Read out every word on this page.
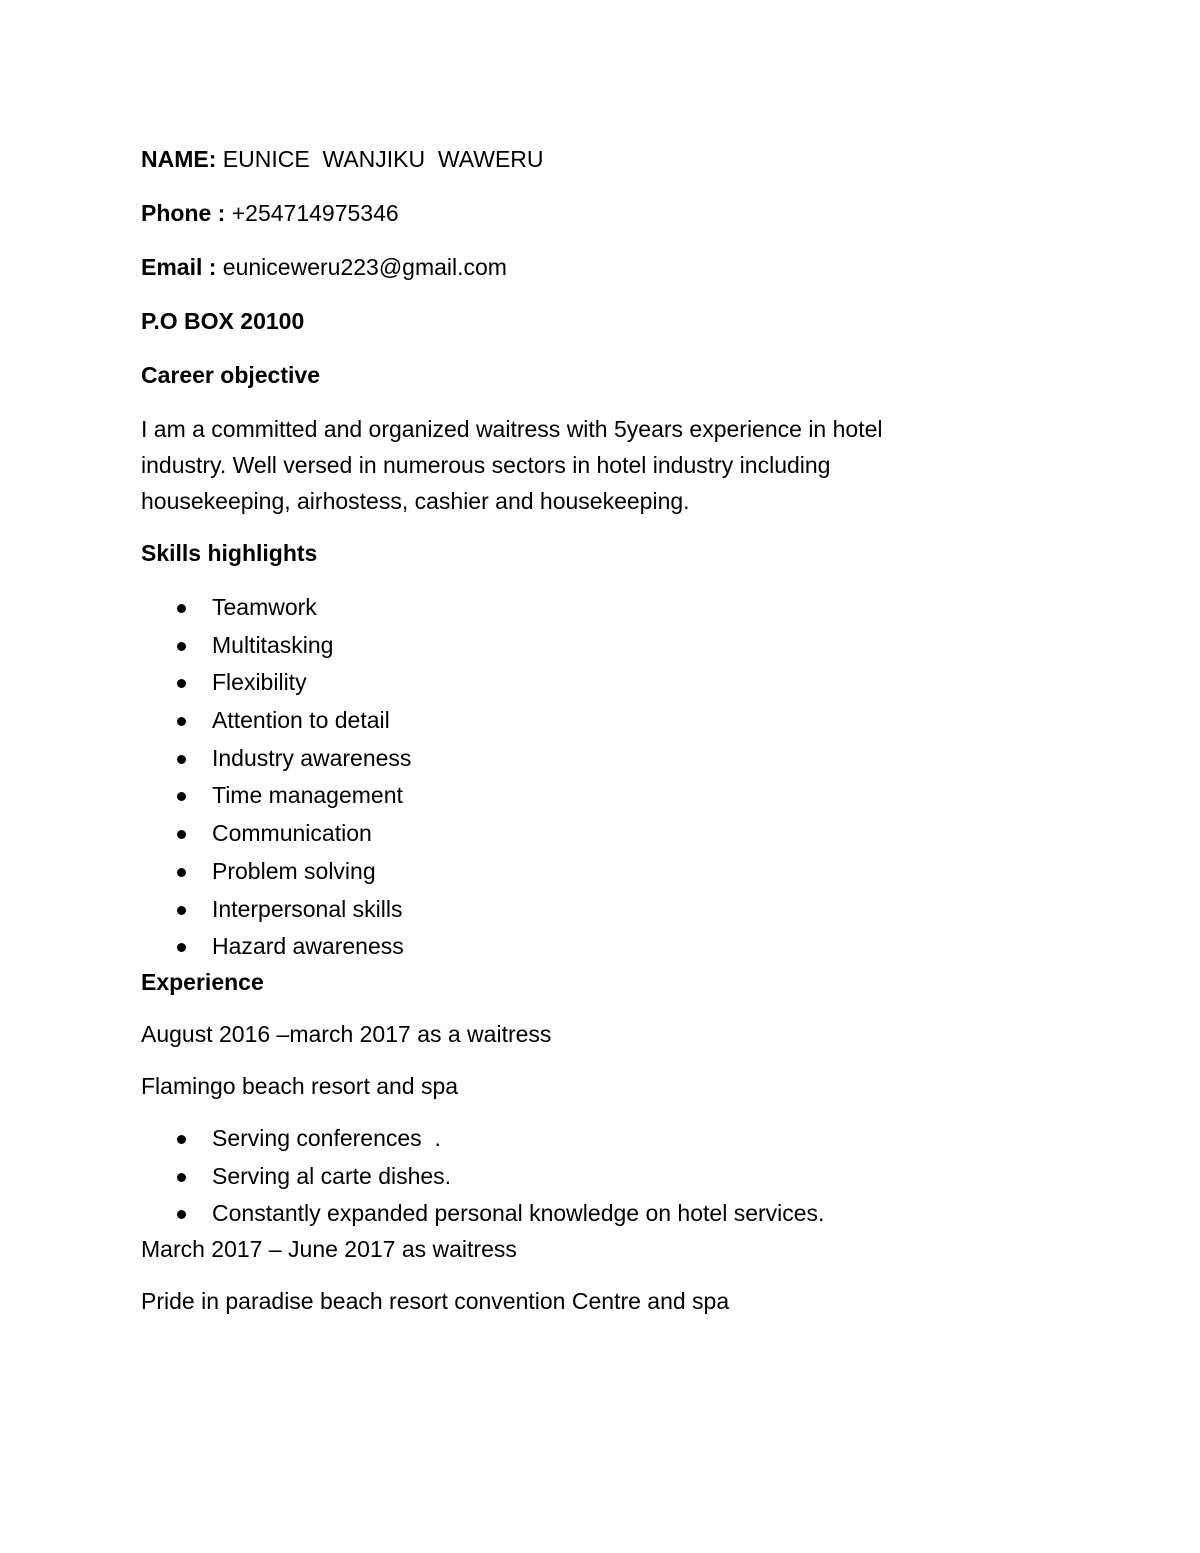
NAME: EUNICE  WANJIKU  WAWERU

Phone : +254714975346

Email : euniceweru223@gmail.com

P.O BOX 20100

Career objective

I am a committed and organized waitress with 5years experience in hotel industry. Well versed in numerous sectors in hotel industry including housekeeping, airhostess, cashier and housekeeping.

Skills highlights

Teamwork
Multitasking
Flexibility
Attention to detail
Industry awareness
Time management
Communication
Problem solving
Interpersonal skills
Hazard awareness

Experience

August 2016 –march 2017 as a waitress

Flamingo beach resort and spa

Serving conferences  .
Serving al carte dishes.
Constantly expanded personal knowledge on hotel services.

March 2017 – June 2017 as waitress

Pride in paradise beach resort convention Centre and spa
